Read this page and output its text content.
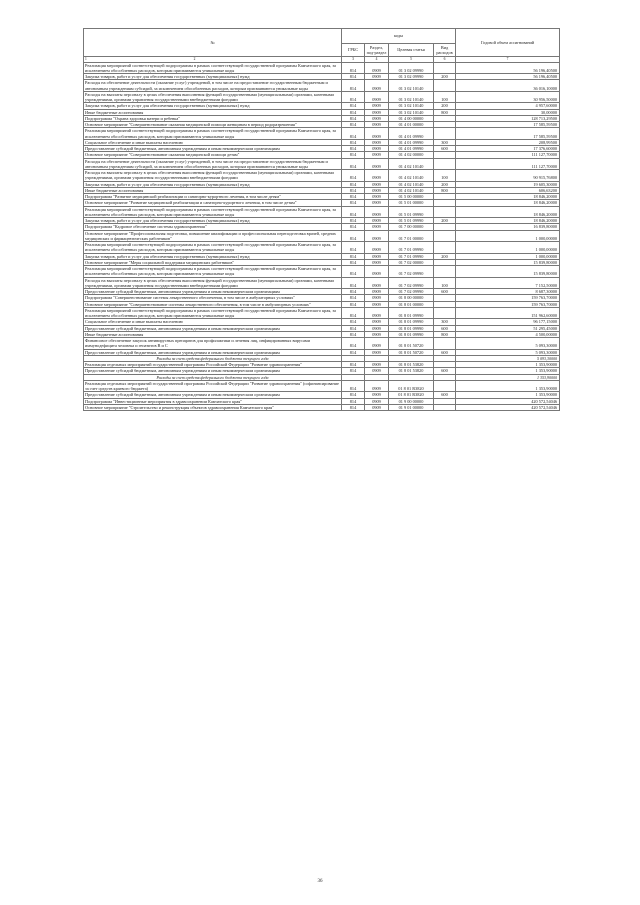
№	коды				Годовой объем ассигнований
	ГРБС	Раздел, под-раздел	Целевая статья	Вид расходов	
1 2	3	4	5	6	7
Реализация мероприятий соответствующей подпрограммы в рамках соответствующей государственной программы Камчатского края, за исключением обособленных расходов, которым присваиваются уникальные коды	814	0909	01 3 02 09990		56 196,40500
Закупка товаров, работ и услуг для обеспечения государственных (муниципальных) нужд	814	0909	01 3 02 09990	200	56 196,40500
Расходы на обеспечение деятельности (оказание услуг) учреждений, в том числе на предоставление государственным бюджетным и автономным учреждениям субсидий, за исключением обособленных расходов, которым присваиваются уникальные коды	814	0909	01 3 02 10140		36 016,10000
Расходы на выплаты персоналу в целях обеспечения выполнения функций государственными (муниципальными) органами, казенными учреждениями, органами управления государственными внебюджетными фондами	814	0909	01 3 02 10140	100	30 956,50000
Закупка товаров, работ и услуг для обеспечения государственных (муниципальных) нужд	814	0909	01 3 02 10140	200	4 957,60000
Иные бюджетные ассигнования	814	0909	01 3 02 10140	800	30,00000
Подпрограмма "Охрана здоровья матери и ребенка"	814	0909	01 4 00 00000		128 713,29500
Основное мероприятие "Совершенствование оказания медицинской помощи женщинам в период родоразрешения"	814	0909	01 4 01 00000		17 585,59500
Реализация мероприятий соответствующей подпрограммы в рамках соответствующей государственной программы Камчатского края, за исключением обособленных расходов, которым присваиваются уникальные коды	814	0909	01 4 01 09990		17 585,59500
Социальное обеспечение и иные выплаты населению	814	0909	01 4 01 09990	300	208,99500
Предоставление субсидий бюджетным, автономным учреждениям и иным некоммерческим организациям	814	0909	01 4 01 09990	600	17 376,60000
Основное мероприятие "Совершенствование оказания медицинской помощи детям"	814	0909	01 4 02 00000		111 127,70000
Расходы на обеспечение деятельности (оказание услуг) учреждений, в том числе на предоставление государственным бюджетным и автономным учреждениям субсидий, за исключением обособленных расходов, которым присваиваются уникальные коды	814	0909	01 4 02 10140		111 127,70000
Расходы на выплаты персоналу в целях обеспечения выполнения функций государственными (муниципальными) органами, казенными учреждениями, органами управления государственными внебюджетными фондами	814	0909	01 4 02 10140	100	90 915,76800
Закупка товаров, работ и услуг для обеспечения государственных (муниципальных) нужд	814	0909	01 4 02 10140	200	19 605,30000
Иные бюджетные ассигнования	814	0909	01 4 02 10140	800	606,63200
Подпрограмма "Развитие медицинской реабилитации и санаторно-курортного лечения, в том числе детям"	814	0909	01 5 00 00000		18 846,20000
Основное мероприятие "Развитие медицинской реабилитации и санаторно-курортного лечения, в том числе детям"	814	0909	01 5 01 00000		18 846,20000
Реализация мероприятий соответствующей подпрограммы в рамках соответствующей государственной программы Камчатского края, за исключением обособленных расходов, которым присваиваются уникальные коды	814	0909	01 5 01 09990		18 846,20000
Закупка товаров, работ и услуг для обеспечения государственных (муниципальных) нужд	814	0909	01 5 01 09990	200	18 846,20000
Подпрограмма "Кадровое обеспечение системы здравоохранения"	814	0909	01 7 00 00000		16 839,80000
Основное мероприятие "Профессиональная подготовка, повышение квалификации и профессиональная переподготовка врачей, средних медицинских и фармацевтических работников"	814	0909	01 7 01 00000		1 000,00000
Реализация мероприятий соответствующей подпрограммы в рамках соответствующей государственной программы Камчатского края, за исключением обособленных расходов, которым присваиваются уникальные коды	814	0909	01 7 01 09990		1 000,00000
Закупка товаров, работ и услуг для обеспечения государственных (муниципальных) нужд	814	0909	01 7 01 09990	200	1 000,00000
Основное мероприятие "Меры социальной поддержки медицинских работников"	814	0909	01 7 02 00000		15 839,80000
Реализация мероприятий соответствующей подпрограммы в рамках соответствующей государственной программы Камчатского края, за исключением обособленных расходов, которым присваиваются уникальные коды	814	0909	01 7 02 09990		15 839,80000
Расходы на выплаты персоналу в целях обеспечения выполнения функций государственными (муниципальными) органами, казенными учреждениями, органами управления государственными внебюджетными фондами	814	0909	01 7 02 09990	100	7 152,50000
Предоставление субсидий бюджетным, автономным учреждениям и иным некоммерческим организациям	814	0909	01 7 02 09990	600	8 687,30000
Подпрограмма "Совершенствование системы лекарственного обеспечения, в том числе в амбулаторных условиях"	814	0909	01 8 00 00000		159 763,70000
Основное мероприятие "Совершенствование системы лекарственного обеспечения, в том числе в амбулаторных условиях"	814	0909	01 8 01 00000		159 763,70000
Реализация мероприятий соответствующей подпрограммы в рамках соответствующей государственной программы Камчатского края, за исключением обособленных расходов, которым присваиваются уникальные коды	814	0909	01 8 01 09990		151 962,60000
Социальное обеспечение и иные выплаты населению	814	0909	01 8 01 09990	300	96 177,15000
Предоставление субсидий бюджетным, автономным учреждениям и иным некоммерческим организациям	814	0909	01 8 01 09990	600	51 295,45000
Иные бюджетные ассигнования	814	0909	01 8 01 09990	800	4 500,00000
Финансовое обеспечение закупок антивирусных препаратов для профилактики и лечения лиц, инфицированных вирусами иммунодефицита человека и гепатитов В и С	814	0909	01 8 01 50720		5 093,30000
Предоставление субсидий бюджетным, автономным учреждениям и иным некоммерческим организациям	814	0909	01 8 01 50720	600	5 093,30000
Расходы за счет средств федерального бюджета текущего года					5 093,30000
Реализация отдельных мероприятий государственной программы Российской Федерации "Развитие здравоохранения"	814	0909	01 8 01 53820		1 353,90000
Предоставление субсидий бюджетным, автономным учреждениям и иным некоммерческим организациям	814	0909	01 8 01 53820	600	1 353,90000
Расходы за счет средств федерального бюджета текущего года					1 353,90000
Реализация отдельных мероприятий государственной программы Российской Федерации "Развитие здравоохранения" (софинансирование за счет средств краевого бюджета)	814	0909	01 8 01 R3820		1 353,90000
Предоставление субсидий бюджетным, автономным учреждениям и иным некоммерческим организациям	814	0909	01 8 01 R3820	600	1 353,90000
Подпрограмма "Инвестиционные мероприятия в здравоохранении Камчатского края"	814	0909	01 9 00 00000		420 572,54046
Основное мероприятие "Строительство и реконструкция объектов здравоохранения Камчатского края"	814	0909	01 9 01 00000		420 572,54046
36
